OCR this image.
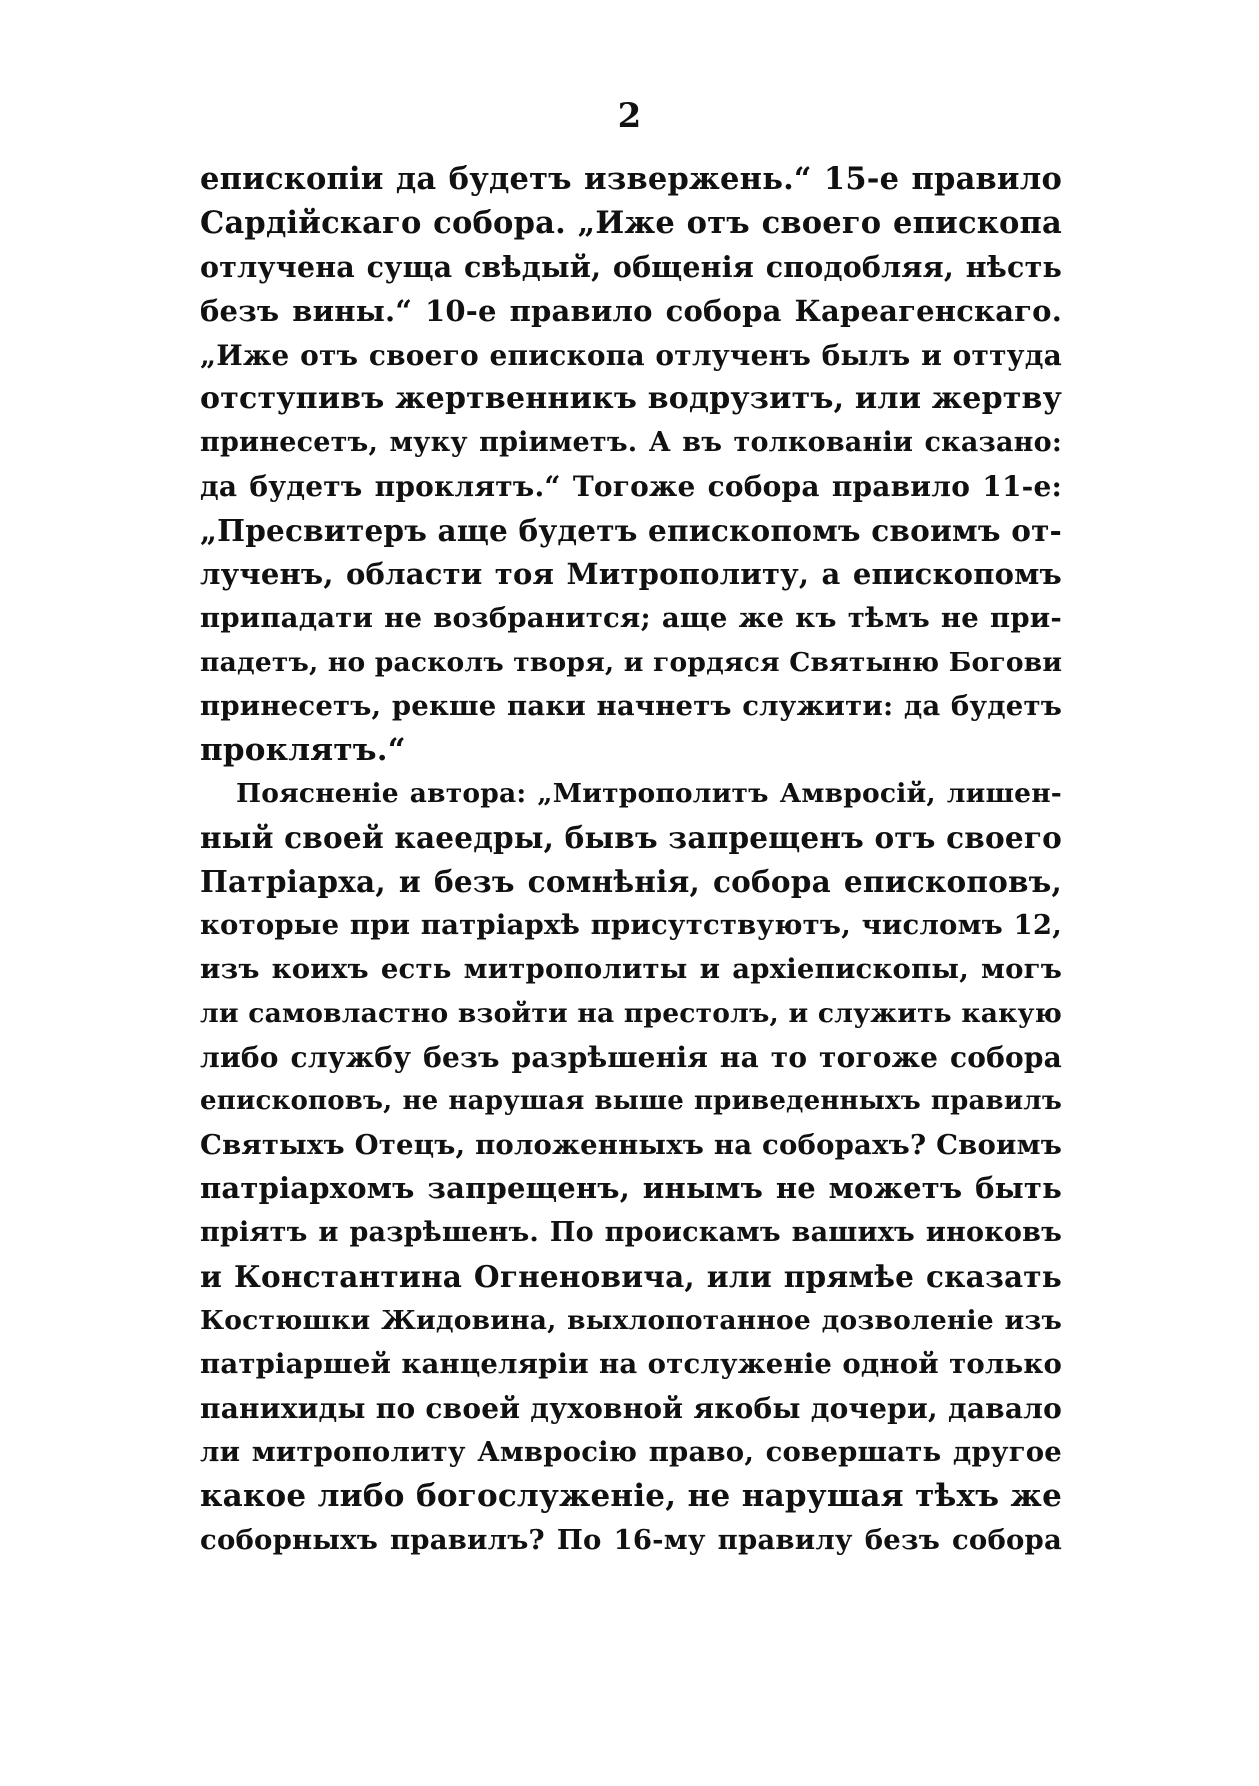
2
епископіи да будетъ извержень.“ 15-е правило
Сардійскаго собора. „Иже отъ своего епископа
отлучена суща свѣдый, общенія сподобляя, нѣсть
безъ вины.“ 10-е правило собора Кареагенскаго.
„Иже отъ своего епископа отлученъ былъ и оттуда
отступивъ жертвенникъ водрузитъ, или жертву
принесетъ, муку пріиметъ. А въ толкованіи сказано:
да будетъ проклятъ.“ Тогоже собора правило 11-е:
„Пресвитеръ аще будетъ епископомъ своимъ от-
лученъ, области тоя Митрополиту, а епископомъ
припадати не возбранится; аще же къ тѣмъ не при-
падетъ, но расколъ творя, и гордяся Святыню Богови
принесетъ, рекше паки начнетъ служити: да будетъ
проклятъ.“
Поясненіе автора: „Митрополитъ Амвросій, лишен-
ный своей каеедры, бывъ запрещенъ отъ своего
Патріарха, и безъ сомнѣнія, собора епископовъ,
которые при патріархѣ присутствуютъ, числомъ 12,
изъ коихъ есть митрополиты и архіепископы, могъ
ли самовластно взойти на престолъ, и служить какую
либо службу безъ разрѣшенія на то тогоже собора
епископовъ, не нарушая выше приведенныхъ правилъ
Святыхъ Отецъ, положенныхъ на соборахъ? Своимъ
патріархомъ запрещенъ, инымъ не можетъ быть
пріятъ и разрѣшенъ. По проискамъ вашихъ иноковъ
и Константина Огненовича, или прямѣе сказать
Костюшки Жидовина, выхлопотанное дозволеніе изъ
патріаршей канцеляріи на отслуженіе одной только
панихиды по своей духовной якобы дочери, давало
ли митрополиту Амвросію право, совершать другое
какое либо богослуженіе, не нарушая тѣхъ же
соборныхъ правилъ? По 16-му правилу безъ собора
